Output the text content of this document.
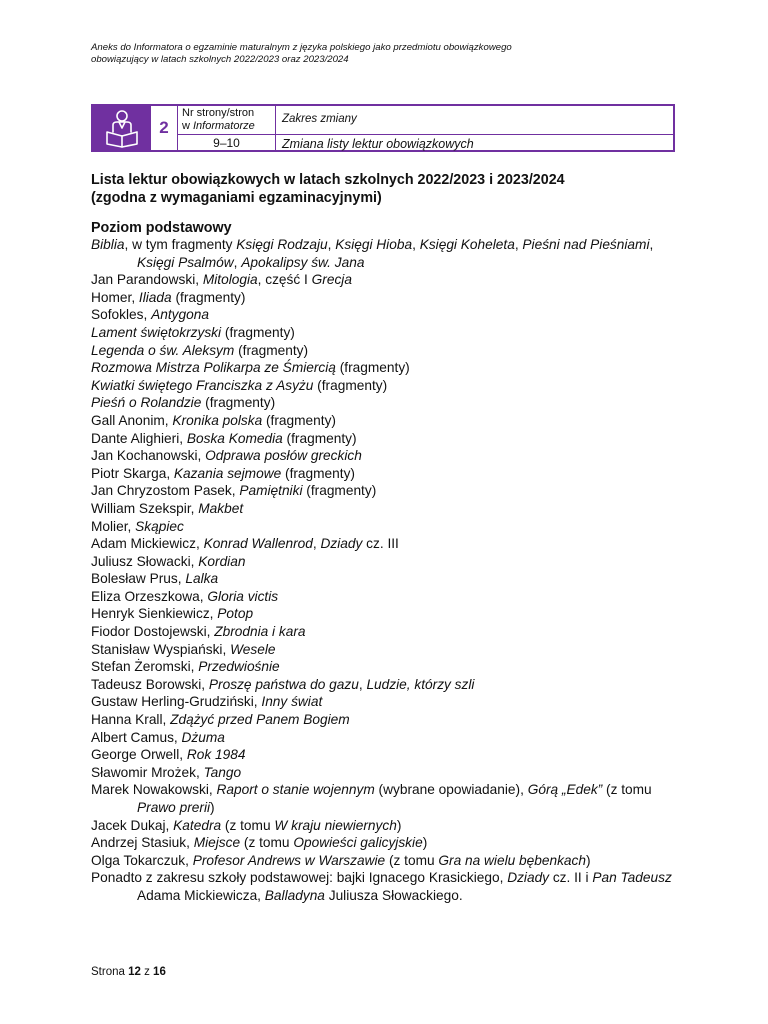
Aneks do Informatora o egzaminie maturalnym z języka polskiego jako przedmiotu obowiązkowego
obowiązujący w latach szkolnych 2022/2023 oraz 2023/2024
2
Nr strony/stron
w Informatorze
Zakres zmiany
9–10	Zmiana listy lektur obowiązkowych
Lista lektur obowiązkowych w latach szkolnych 2022/2023 i 2023/2024
(zgodna z wymaganiami egzaminacyjnymi)
Poziom podstawowy
Biblia, w tym fragmenty Księgi Rodzaju, Księgi Hioba, Księgi Koheleta, Pieśni nad Pieśniami, Księgi Psalmów, Apokalipsy św. Jana
Jan Parandowski, Mitologia, część I Grecja
Homer, Iliada (fragmenty)
Sofokles, Antygona
Lament świętokrzyski (fragmenty)
Legenda o św. Aleksym (fragmenty)
Rozmowa Mistrza Polikarpa ze Śmiercią (fragmenty)
Kwiatki świętego Franciszka z Asyżu (fragmenty)
Pieśń o Rolandzie (fragmenty)
Gall Anonim, Kronika polska (fragmenty)
Dante Alighieri, Boska Komedia (fragmenty)
Jan Kochanowski, Odprawa posłów greckich
Piotr Skarga, Kazania sejmowe (fragmenty)
Jan Chryzostom Pasek, Pamiętniki (fragmenty)
William Szekspir, Makbet
Molier, Skąpiec
Adam Mickiewicz, Konrad Wallenrod, Dziady cz. III
Juliusz Słowacki, Kordian
Bolesław Prus, Lalka
Eliza Orzeszkowa, Gloria victis
Henryk Sienkiewicz, Potop
Fiodor Dostojewski, Zbrodnia i kara
Stanisław Wyspiański, Wesele
Stefan Żeromski, Przedwiośnie
Tadeusz Borowski, Proszę państwa do gazu, Ludzie, którzy szli
Gustaw Herling-Grudziński, Inny świat
Hanna Krall, Zdążyć przed Panem Bogiem
Albert Camus, Dżuma
George Orwell, Rok 1984
Sławomir Mrożek, Tango
Marek Nowakowski, Raport o stanie wojennym (wybrane opowiadanie), Górą „Edek” (z tomu Prawo prerii)
Jacek Dukaj, Katedra (z tomu W kraju niewiernych)
Andrzej Stasiuk, Miejsce (z tomu Opowieści galicyjskie)
Olga Tokarczuk, Profesor Andrews w Warszawie (z tomu Gra na wielu bębenkach)
Ponadto z zakresu szkoły podstawowej: bajki Ignacego Krasickiego, Dziady cz. II i Pan Tadeusz Adama Mickiewicza, Balladyna Juliusza Słowackiego.
Strona 12 z 16
